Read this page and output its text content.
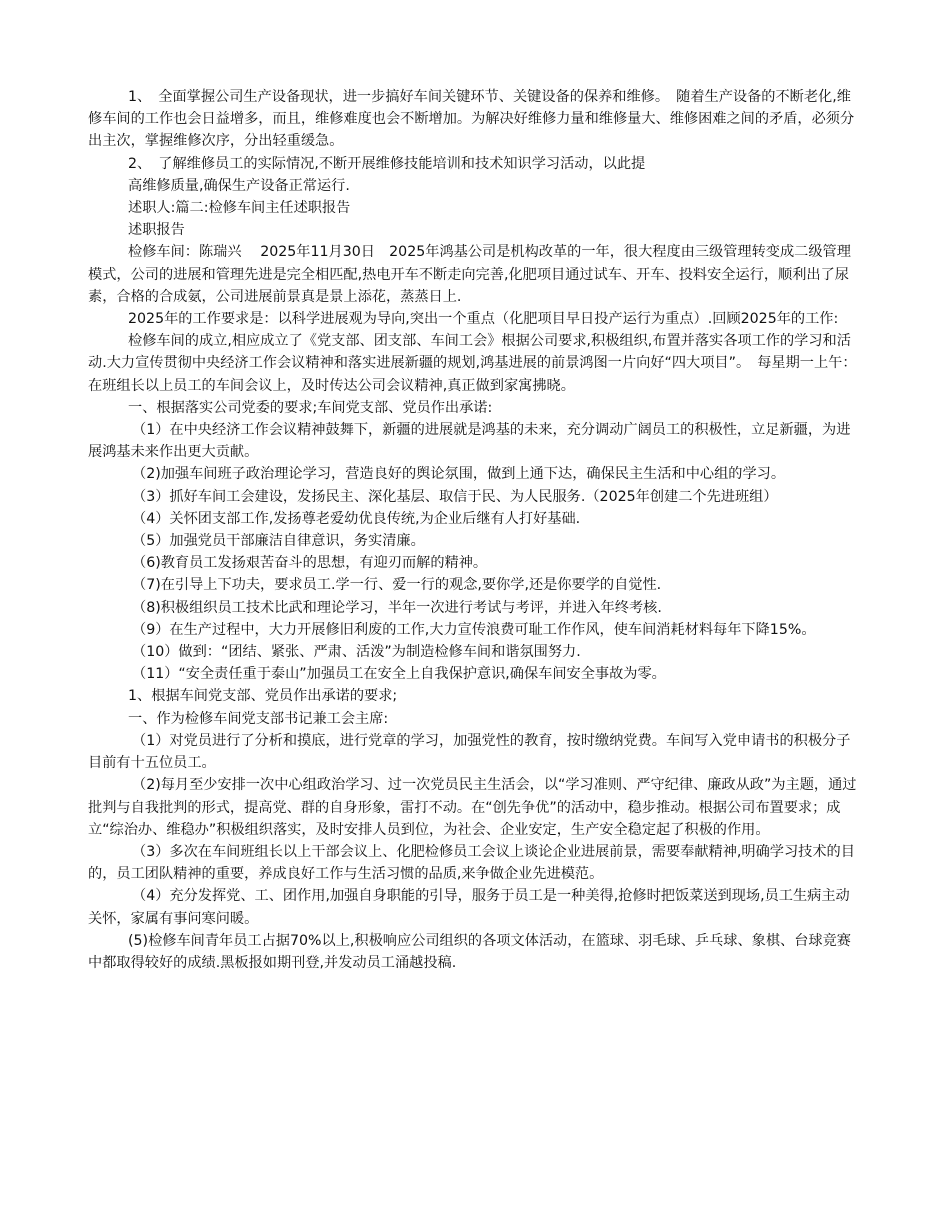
1、　全面掌握公司生产设备现状，进一步搞好车间关键环节、关键设备的保养和维修。　随着生产设备的不断老化,维修车间的工作也会日益增多，而且，维修难度也会不断增加。为解决好维修力量和维修量大、维修困难之间的矛盾，必须分出主次，掌握维修次序，分出轻重缓急。

2、　了解维修员工的实际情况,不断开展维修技能培训和技术知识学习活动，以此提

高维修质量,确保生产设备正常运行.

述职人:篇二:检修车间主任述职报告

述职报告

检修车间：陈瑞兴　 2025年11月30日　2025年鸿基公司是机构改革的一年，很大程度由三级管理转变成二级管理模式，公司的进展和管理先进是完全相匹配,热电开车不断走向完善,化肥项目通过试车、开车、投料安全运行，顺利出了尿素，合格的合成氨，公司进展前景真是景上添花，蒸蒸日上.

2025年的工作要求是：以科学进展观为导向,突出一个重点（化肥项目早日投产运行为重点）.回顾2025年的工作:

检修车间的成立,相应成立了《党支部、团支部、车间工会》根据公司要求,积极组织,布置并落实各项工作的学习和活动.大力宣传贯彻中央经济工作会议精神和落实进展新疆的规划,鸿基进展的前景鸿图一片向好“四大项目”。　每星期一上午：在班组长以上员工的车间会议上，及时传达公司会议精神,真正做到家寓拂晓。

一、根据落实公司党委的要求;车间党支部、党员作出承诺:

（1）在中央经济工作会议精神鼓舞下，新疆的进展就是鸿基的未来，充分调动广阔员工的积极性，立足新疆，为进展鸿基未来作出更大贡献。

（2)加强车间班子政治理论学习，营造良好的舆论氛围，做到上通下达，确保民主生活和中心组的学习。

（3）抓好车间工会建设，发扬民主、深化基层、取信于民、为人民服务.（2025年创建二个先进班组）

（4）关怀团支部工作,发扬尊老爱幼优良传统,为企业后继有人打好基础.

（5）加强党员干部廉洁自律意识，务实清廉。

（6)教育员工发扬艰苦奋斗的思想，有迎刃而解的精神。

（7)在引导上下功夫，要求员工.学一行、爱一行的观念,要你学,还是你要学的自觉性.

（8)积极组织员工技术比武和理论学习，半年一次进行考试与考评，并进入年终考核.

（9）在生产过程中，大力开展修旧利废的工作,大力宣传浪费可耻工作作风，使车间消耗材料每年下降15%。

（10）做到：“团结、紧张、严肃、活泼”为制造检修车间和谐氛围努力.

（11）“安全责任重于泰山”加强员工在安全上自我保护意识,确保车间安全事故为零。

1、根据车间党支部、党员作出承诺的要求;

一、作为检修车间党支部书记兼工会主席:

（1）对党员进行了分析和摸底，进行党章的学习，加强党性的教育，按时缴纳党费。车间写入党申请书的积极分子目前有十五位员工。

（2)每月至少安排一次中心组政治学习、过一次党员民主生活会，以“学习准则、严守纪律、廉政从政”为主题，通过批判与自我批判的形式，提高党、群的自身形象，雷打不动。在“创先争优”的活动中，稳步推动。根据公司布置要求；成立“综治办、维稳办”积极组织落实，及时安排人员到位，为社会、企业安定，生产安全稳定起了积极的作用。

（3）多次在车间班组长以上干部会议上、化肥检修员工会议上谈论企业进展前景，需要奉献精神,明确学习技术的目的，员工团队精神的重要，养成良好工作与生活习惯的品质,来争做企业先进模范。

（4）充分发挥党、工、团作用,加强自身职能的引导，服务于员工是一种美得,抢修时把饭菜送到现场,员工生病主动关怀，家属有事问寒问暖。

(5)检修车间青年员工占据70%以上,积极响应公司组织的各项文体活动，在篮球、羽毛球、乒乓球、象棋、台球竞赛中都取得较好的成绩.黑板报如期刊登,并发动员工涌越投稿.
